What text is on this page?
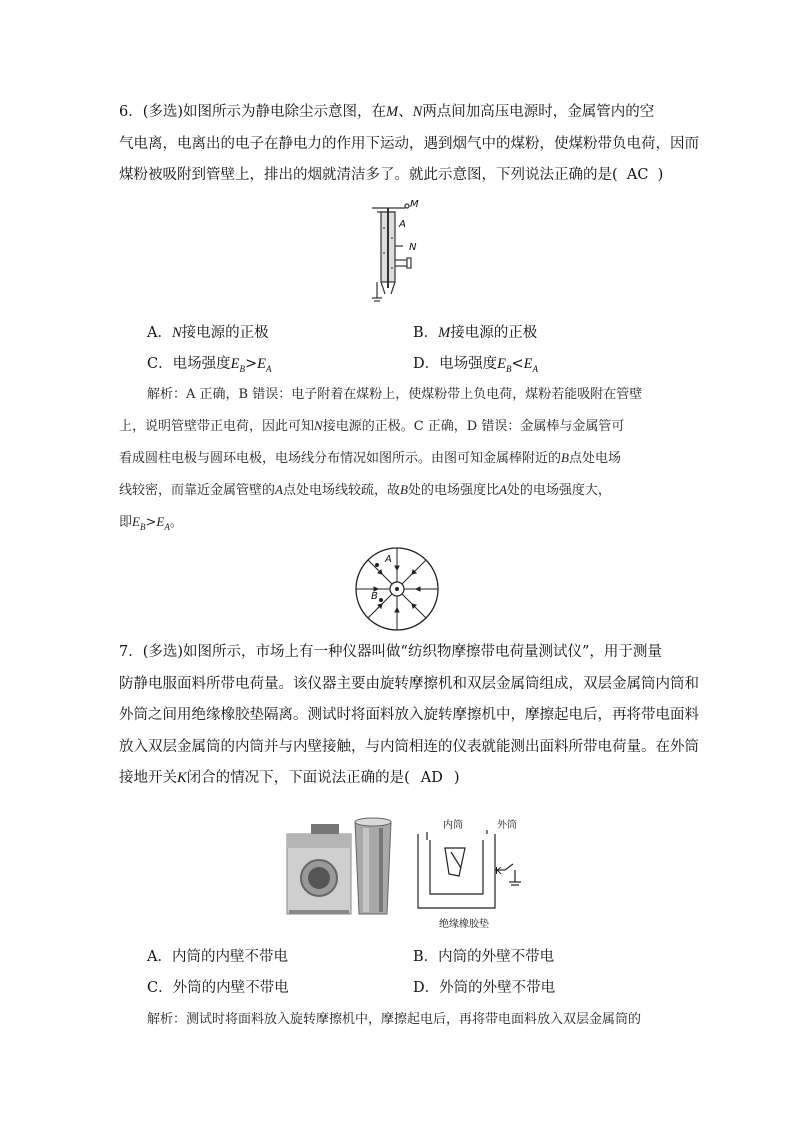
6．(多选)如图所示为静电除尘示意图，在M、N两点间加高压电源时，金属管内的空
气电离，电离出的电子在静电力的作用下运动，遇到烟气中的煤粉，使煤粉带负电荷，因而
煤粉被吸附到管壁上，排出的烟就清洁多了。就此示意图，下列说法正确的是( AC )
M
A
N
A．N接电源的正极	B．M接电源的正极
C．电场强度$E_B>E_A$	D．电场强度$E_B<E_A$
解析：A 正确，B 错误：电子附着在煤粉上，使煤粉带上负电荷，煤粉若能吸附在管壁
上，说明管壁带正电荷，因此可知N接电源的正极。C 正确，D 错误：金属棒与金属管可
看成圆柱电极与圆环电极，电场线分布情况如图所示。由图可知金属棒附近的B点处电场
线较密，而靠近金属管壁的A点处电场线较疏，故B处的电场强度比A处的电场强度大，
即$E_B>E_A$。
A
B
7．(多选)如图所示，市场上有一种仪器叫做“纺织物摩擦带电荷量测试仪”，用于测量
防静电服面料所带电荷量。该仪器主要由旋转摩擦机和双层金属筒组成，双层金属筒内筒和
外筒之间用绝缘橡胶垫隔离。测试时将面料放入旋转摩擦机中，摩擦起电后，再将带电面料
放入双层金属筒的内筒并与内壁接触，与内筒相连的仪表就能测出面料所带电荷量。在外筒
接地开关K闭合的情况下，下面说法正确的是( AD )
内筒	外筒
K
绝缘橡胶垫
A．内筒的内壁不带电	B．内筒的外壁不带电
C．外筒的内壁不带电	D．外筒的外壁不带电
解析：测试时将面料放入旋转摩擦机中，摩擦起电后，再将带电面料放入双层金属筒的
